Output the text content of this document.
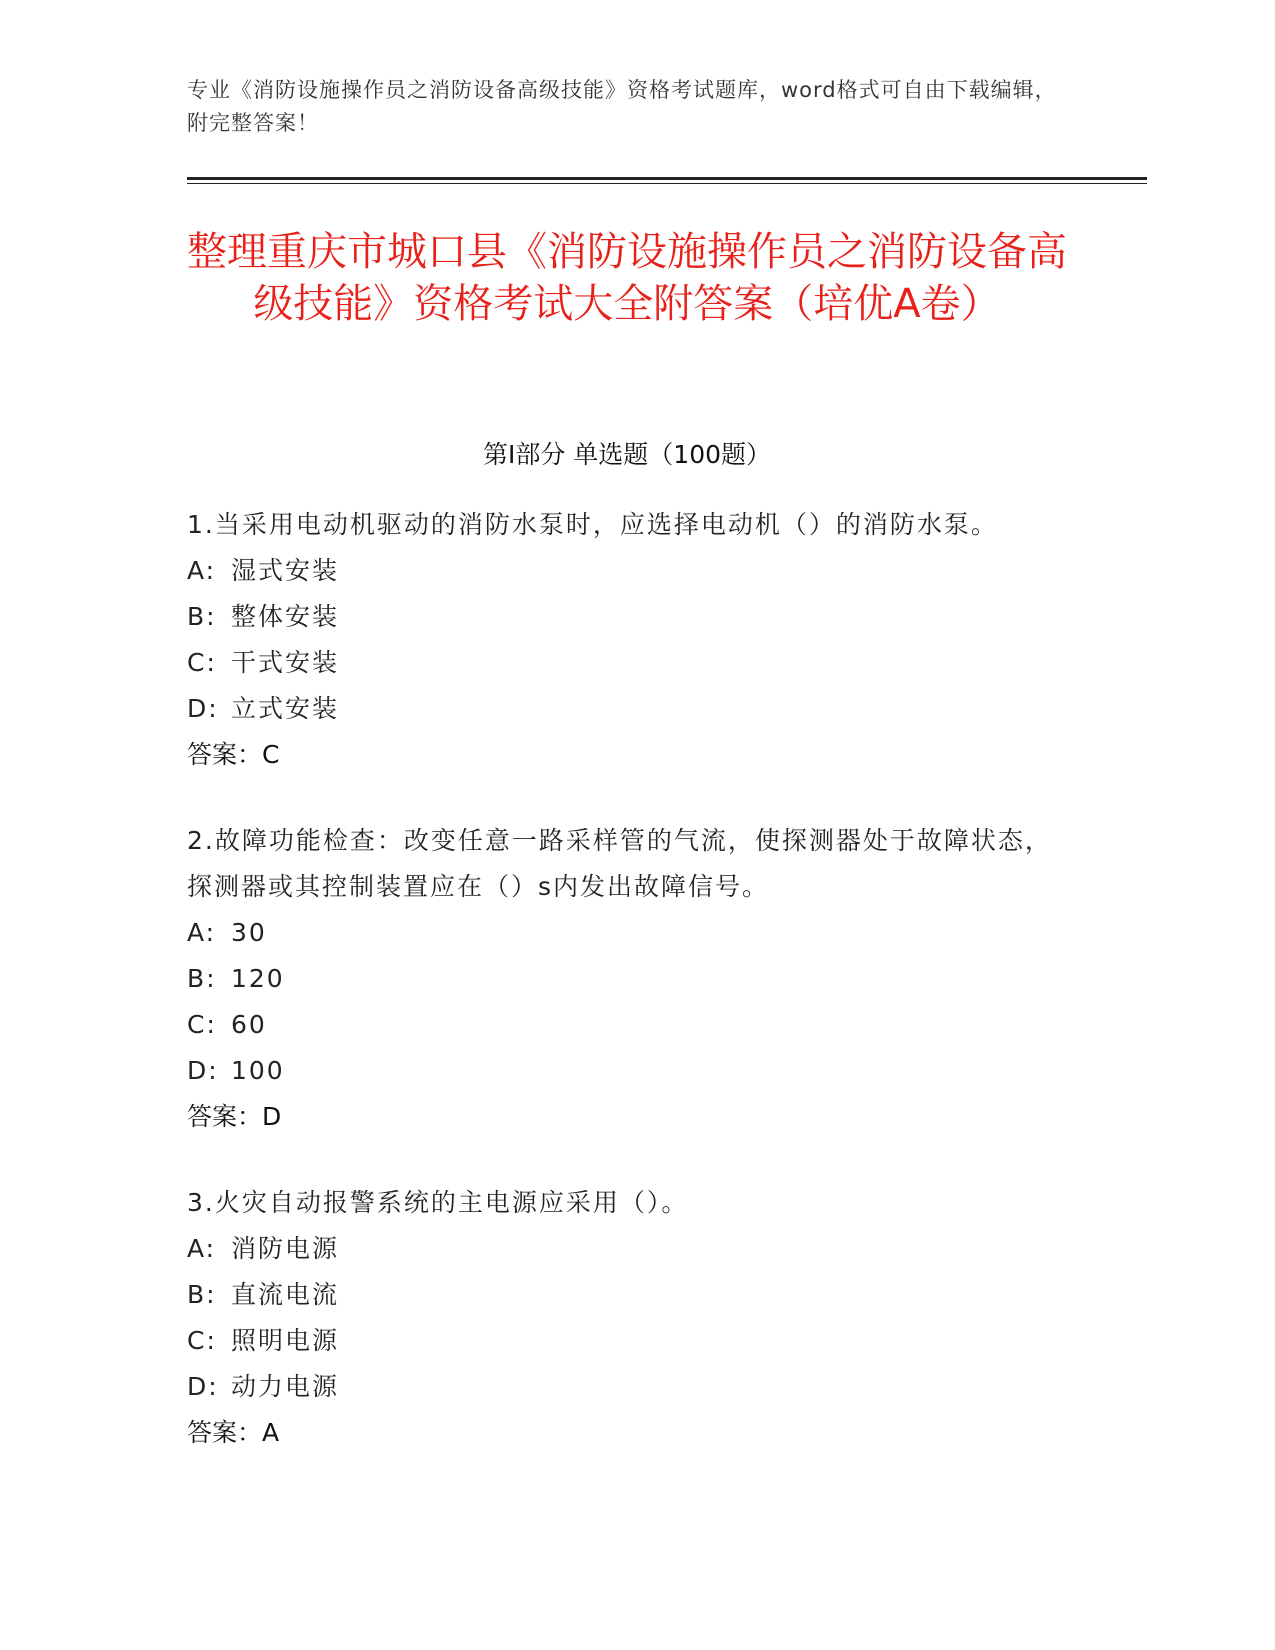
专业《消防设施操作员之消防设备高级技能》资格考试题库，word格式可自由下载编辑，附完整答案！
整理重庆市城口县《消防设施操作员之消防设备高级技能》资格考试大全附答案（培优A卷）
第I部分 单选题（100题）
1.当采用电动机驱动的消防水泵时，应选择电动机（）的消防水泵。
A: 湿式安装
B: 整体安装
C: 干式安装
D: 立式安装
答案：C
2.故障功能检查：改变任意一路采样管的气流，使探测器处于故障状态，探测器或其控制装置应在（）s内发出故障信号。
A: 30
B: 120
C: 60
D: 100
答案：D
3.火灾自动报警系统的主电源应采用（）。
A: 消防电源
B: 直流电流
C: 照明电源
D: 动力电源
答案：A
